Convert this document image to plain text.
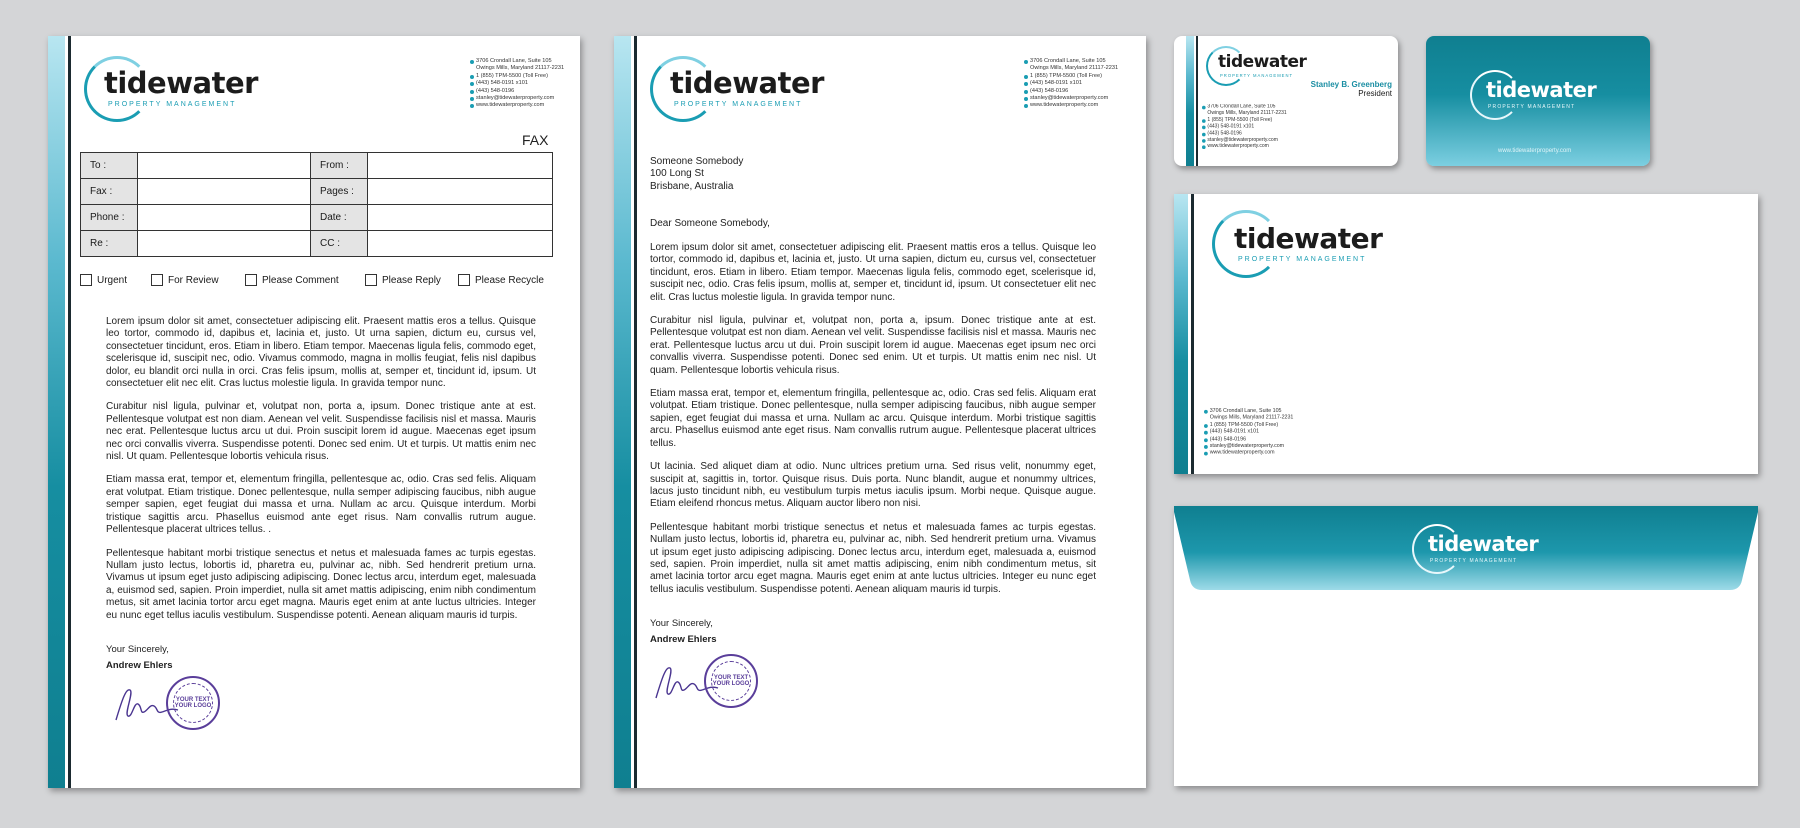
tidewater
PROPERTY MANAGEMENT
3706 Crondall Lane, Suite 105
Owings Mills, Maryland 21117-2231
1 (855) TPM-5500 (Toll Free)
(443) 548-0191 x101
(443) 548-0196
stanley@tidewaterproperty.com
www.tidewaterproperty.com
FAX
To :		From :	
Fax :		Pages :	
Phone :		Date :	
Re :		CC :	
Urgent	For Review	Please Comment	Please Reply	Please Recycle

Lorem ipsum dolor sit amet, consectetuer adipiscing elit. Praesent mattis eros a tellus. Quisque leo tortor, commodo id, dapibus et, lacinia et, justo. Ut urna sapien, dictum eu, cursus vel, consectetuer tincidunt, eros. Etiam in libero. Etiam tempor. Maecenas ligula felis, commodo eget, scelerisque id, suscipit nec, odio. Vivamus commodo, magna in mollis feugiat, felis nisl dapibus dolor, eu blandit orci nulla in orci. Cras felis ipsum, mollis at, semper et, tincidunt id, ipsum. Ut consectetuer elit nec elit. Cras luctus molestie ligula. In gravida tempor nunc.

Curabitur nisl ligula, pulvinar et, volutpat non, porta a, ipsum. Donec tristique ante at est. Pellentesque volutpat est non diam. Aenean vel velit. Suspendisse facilisis nisl et massa. Mauris nec erat. Pellentesque luctus arcu ut dui. Proin suscipit lorem id augue. Maecenas eget ipsum nec orci convallis viverra. Suspendisse potenti. Donec sed enim. Ut et turpis. Ut mattis enim nec nisl. Ut quam. Pellentesque lobortis vehicula risus.

Etiam massa erat, tempor et, elementum fringilla, pellentesque ac, odio. Cras sed felis. Aliquam erat volutpat. Etiam tristique. Donec pellentesque, nulla semper adipiscing faucibus, nibh augue semper sapien, eget feugiat dui massa et urna. Nullam ac arcu. Quisque interdum. Morbi tristique sagittis arcu. Phasellus euismod ante eget risus. Nam convallis rutrum augue. Pellentesque placerat ultrices tellus. .

Pellentesque habitant morbi tristique senectus et netus et malesuada fames ac turpis egestas. Nullam justo lectus, lobortis id, pharetra eu, pulvinar ac, nibh. Sed hendrerit pretium urna. Vivamus ut ipsum eget justo adipiscing adipiscing. Donec lectus arcu, interdum eget, malesuada a, euismod sed, sapien. Proin imperdiet, nulla sit amet mattis adipiscing, enim nibh condimentum metus, sit amet lacinia tortor arcu eget magna. Mauris eget enim at ante luctus ultricies. Integer eu nunc eget tellus iaculis vestibulum. Suspendisse potenti. Aenean aliquam mauris id turpis.

Your Sincerely,
Andrew Ehlers
YOUR TEXT YOUR LOGO
tidewater
PROPERTY MANAGEMENT
3706 Crondall Lane, Suite 105
Owings Mills, Maryland 21117-2231
1 (855) TPM-5500 (Toll Free)
(443) 548-0191 x101
(443) 548-0196
stanley@tidewaterproperty.com
www.tidewaterproperty.com
Someone Somebody
100 Long St
Brisbane, Australia
Dear Someone Somebody,

Lorem ipsum dolor sit amet, consectetuer adipiscing elit. Praesent mattis eros a tellus. Quisque leo tortor, commodo id, dapibus et, lacinia et, justo. Ut urna sapien, dictum eu, cursus vel, consectetuer tincidunt, eros. Etiam in libero. Etiam tempor. Maecenas ligula felis, commodo eget, scelerisque id, suscipit nec, odio. Cras felis ipsum, mollis at, semper et, tincidunt id, ipsum. Ut consectetuer elit nec elit. Cras luctus molestie ligula. In gravida tempor nunc.

Curabitur nisl ligula, pulvinar et, volutpat non, porta a, ipsum. Donec tristique ante at est. Pellentesque volutpat est non diam. Aenean vel velit. Suspendisse facilisis nisl et massa. Mauris nec erat. Pellentesque luctus arcu ut dui. Proin suscipit lorem id augue. Maecenas eget ipsum nec orci convallis viverra. Suspendisse potenti. Donec sed enim. Ut et turpis. Ut mattis enim nec nisl. Ut quam. Pellentesque lobortis vehicula risus.

Etiam massa erat, tempor et, elementum fringilla, pellentesque ac, odio. Cras sed felis. Aliquam erat volutpat. Etiam tristique. Donec pellentesque, nulla semper adipiscing faucibus, nibh augue semper sapien, eget feugiat dui massa et urna. Nullam ac arcu. Quisque interdum. Morbi tristique sagittis arcu. Phasellus euismod ante eget risus. Nam convallis rutrum augue. Pellentesque placerat ultrices tellus.

Ut lacinia. Sed aliquet diam at odio. Nunc ultrices pretium urna. Sed risus velit, nonummy eget, suscipit at, sagittis in, tortor. Quisque risus. Duis porta. Nunc blandit, augue et nonummy ultrices, lacus justo tincidunt nibh, eu vestibulum turpis metus iaculis ipsum. Morbi neque. Quisque augue. Etiam eleifend rhoncus metus. Aliquam auctor libero non nisi.

Pellentesque habitant morbi tristique senectus et netus et malesuada fames ac turpis egestas. Nullam justo lectus, lobortis id, pharetra eu, pulvinar ac, nibh. Sed hendrerit pretium urna. Vivamus ut ipsum eget justo adipiscing adipiscing. Donec lectus arcu, interdum eget, malesuada a, euismod sed, sapien. Proin imperdiet, nulla sit amet mattis adipiscing, enim nibh condimentum metus, sit amet lacinia tortor arcu eget magna. Mauris eget enim at ante luctus ultricies. Integer eu nunc eget tellus iaculis vestibulum. Suspendisse potenti. Aenean aliquam mauris id turpis.

Your Sincerely,
Andrew Ehlers
YOUR TEXT YOUR LOGO
tidewater
PROPERTY MANAGEMENT
Stanley B. Greenberg
President
3706 Crondall Lane, Suite 105
Owings Mills, Maryland 21117-2231
1 (855) TPM-5500 (Toll Free)
(443) 548-0191 x101
(443) 548-0196
stanley@tidewaterproperty.com
www.tidewaterproperty.com
tidewater
PROPERTY MANAGEMENT
www.tidewaterproperty.com
tidewater
PROPERTY MANAGEMENT
3706 Crondall Lane, Suite 105
Owings Mills, Maryland 21117-2231
1 (855) TPM-5500 (Toll Free)
(443) 548-0191 x101
(443) 548-0196
stanley@tidewaterproperty.com
www.tidewaterproperty.com
tidewater
PROPERTY MANAGEMENT
